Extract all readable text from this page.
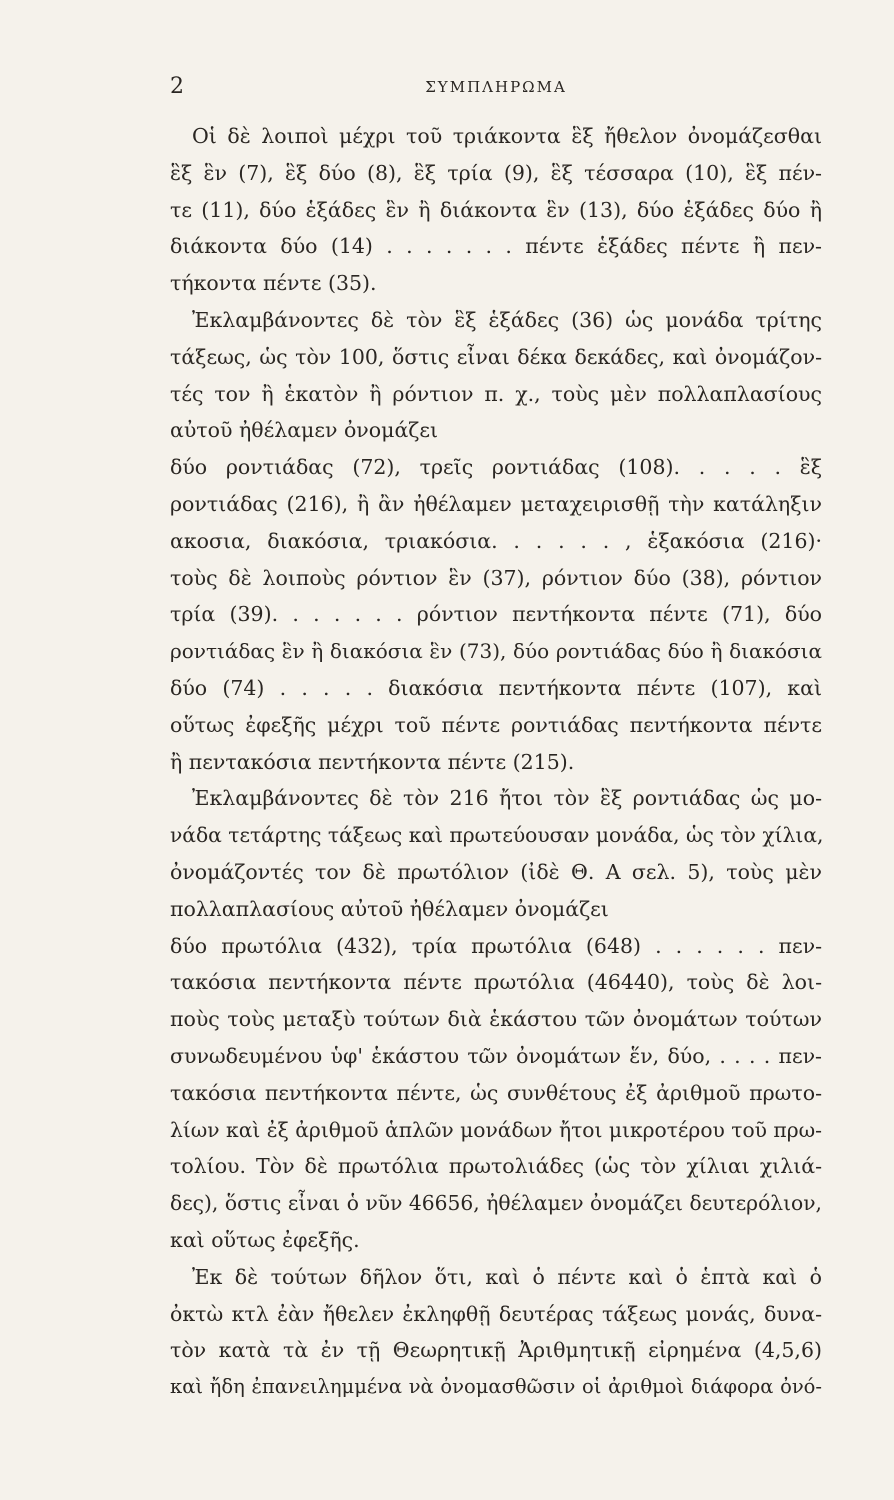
2	ΣΥΜΠΛΗΡΩΜΑ
Οἱ δὲ λοιποὶ μέχρι τοῦ τριάκοντα ἓξ ἤθελον ὀνομάζεσθαι
ἓξ ἓν (7), ἓξ δύο (8), ἓξ τρία (9), ἓξ τέσσαρα (10), ἓξ πέν-
τε (11), δύο ἑξάδες ἓν ἢ διάκοντα ἓν (13), δύο ἑξάδες δύο ἢ
διάκοντα δύο (14) . . . . . . . πέντε ἑξάδες πέντε ἢ πεν-
τήκοντα πέντε (35).
Ἐκλαμβάνοντες δὲ τὸν ἓξ ἑξάδες (36) ὡς μονάδα τρίτης
τάξεως, ὡς τὸν 100, ὅστις εἶναι δέκα δεκάδες, καὶ ὀνομάζον-
τές τον ἢ ἑκατὸν ἢ ρόντιον π. χ., τοὺς μὲν πολλαπλασίους
αὐτοῦ ἠθέλαμεν ὀνομάζει
δύο ροντιάδας (72), τρεῖς ροντιάδας (108). . . . . ἓξ
ροντιάδας (216), ἢ ἂν ἠθέλαμεν μεταχειρισθῇ τὴν κατάληξιν
ακοσια, διακόσια, τριακόσια. . . . . . , ἑξακόσια (216)·
τοὺς δὲ λοιποὺς ρόντιον ἓν (37), ρόντιον δύο (38), ρόντιον
τρία (39). . . . . . . ρόντιον πεντήκοντα πέντε (71), δύο
ροντιάδας ἓν ἢ διακόσια ἓν (73), δύο ροντιάδας δύο ἢ διακόσια
δύο (74) . . . . . διακόσια πεντήκοντα πέντε (107), καὶ
οὕτως ἐφεξῆς μέχρι τοῦ πέντε ροντιάδας πεντήκοντα πέντε
ἢ πεντακόσια πεντήκοντα πέντε (215).
Ἐκλαμβάνοντες δὲ τὸν 216 ἤτοι τὸν ἓξ ροντιάδας ὡς μο-
νάδα τετάρτης τάξεως καὶ πρωτεύουσαν μονάδα, ὡς τὸν χίλια,
ὀνομάζοντές τον δὲ πρωτόλιον (ἰδὲ Θ. Α σελ. 5), τοὺς μὲν
πολλαπλασίους αὐτοῦ ἠθέλαμεν ὀνομάζει
δύο πρωτόλια (432), τρία πρωτόλια (648) . . . . . . πεν-
τακόσια πεντήκοντα πέντε πρωτόλια (46440), τοὺς δὲ λοι-
ποὺς τοὺς μεταξὺ τούτων διὰ ἑκάστου τῶν ὀνομάτων τούτων
συνωδευμένου ὑφ' ἑκάστου τῶν ὀνομάτων ἕν, δύο, . . . . πεν-
τακόσια πεντήκοντα πέντε, ὡς συνθέτους ἐξ ἀριθμοῦ πρωτο-
λίων καὶ ἐξ ἀριθμοῦ ἁπλῶν μονάδων ἤτοι μικροτέρου τοῦ πρω-
τολίου. Τὸν δὲ πρωτόλια πρωτολιάδες (ὡς τὸν χίλιαι χιλιά-
δες), ὅστις εἶναι ὁ νῦν 46656, ἠθέλαμεν ὀνομάζει δευτερόλιον,
καὶ οὕτως ἐφεξῆς.
Ἐκ δὲ τούτων δῆλον ὅτι, καὶ ὁ πέντε καὶ ὁ ἑπτὰ καὶ ὁ
ὀκτὼ κτλ ἐὰν ἤθελεν ἐκληφθῇ δευτέρας τάξεως μονάς, δυνα-
τὸν κατὰ τὰ ἐν τῇ Θεωρητικῇ Ἀριθμητικῇ εἰρημένα (4,5,6)
καὶ ἤδη ἐπανειλημμένα νὰ ὀνομασθῶσιν οἱ ἀριθμοὶ διάφορα ὀνό-
